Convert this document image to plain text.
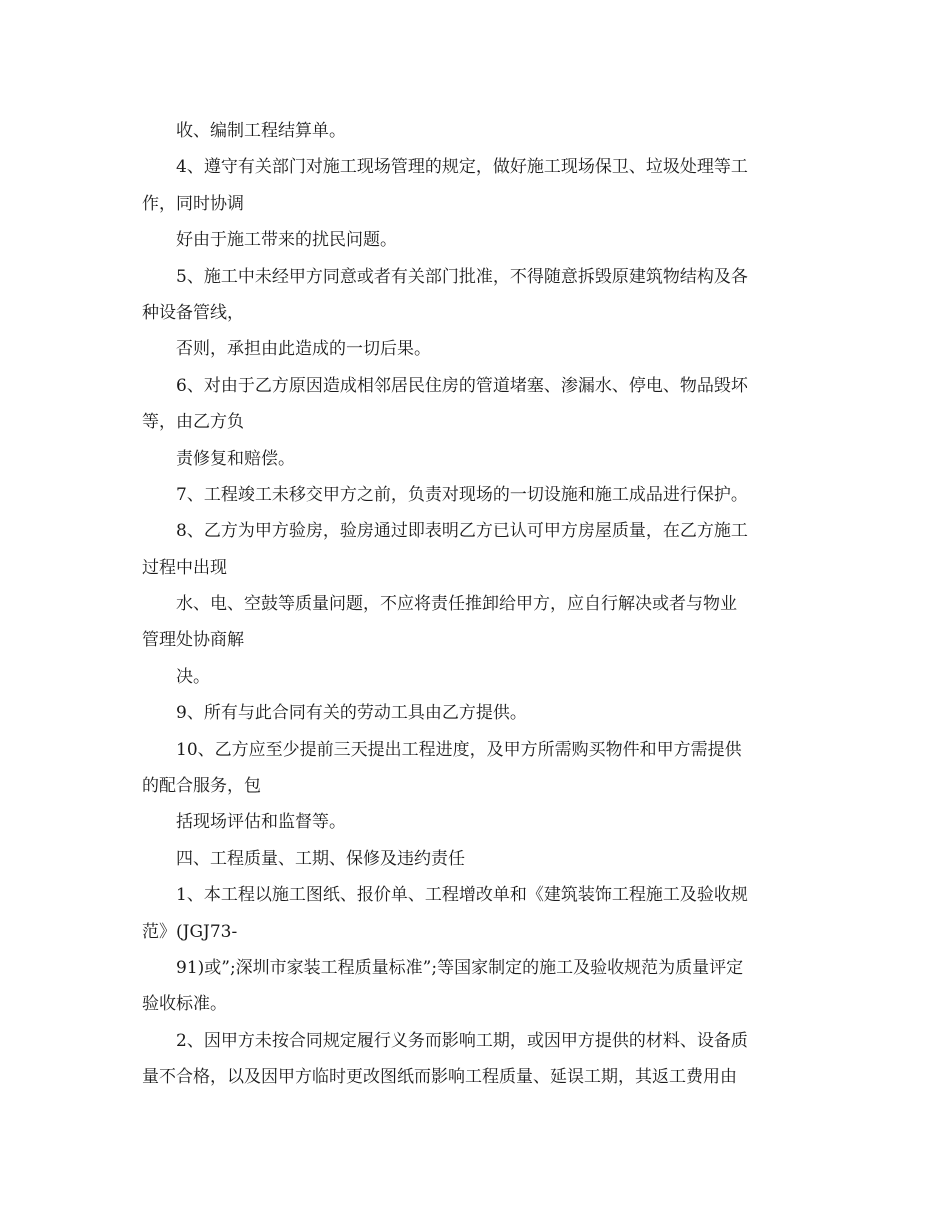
收、编制工程结算单。
4、遵守有关部门对施工现场管理的规定，做好施工现场保卫、垃圾处理等工
作，同时协调
好由于施工带来的扰民问题。
5、施工中未经甲方同意或者有关部门批准，不得随意拆毁原建筑物结构及各
种设备管线，
否则，承担由此造成的一切后果。
6、对由于乙方原因造成相邻居民住房的管道堵塞、渗漏水、停电、物品毁坏
等，由乙方负
责修复和赔偿。
7、工程竣工未移交甲方之前，负责对现场的一切设施和施工成品进行保护。
8、乙方为甲方验房，验房通过即表明乙方已认可甲方房屋质量，在乙方施工
过程中出现
水、电、空鼓等质量问题，不应将责任推卸给甲方，应自行解决或者与物业
管理处协商解
决。
9、所有与此合同有关的劳动工具由乙方提供。
10、乙方应至少提前三天提出工程进度，及甲方所需购买物件和甲方需提供
的配合服务，包
括现场评估和监督等。
四、工程质量、工期、保修及违约责任
1、本工程以施工图纸、报价单、工程增改单和《建筑装饰工程施工及验收规
范》(JGJ73-
91)或”;深圳市家装工程质量标准”;等国家制定的施工及验收规范为质量评定
验收标准。
2、因甲方未按合同规定履行义务而影响工期，或因甲方提供的材料、设备质
量不合格，以及因甲方临时更改图纸而影响工程质量、延误工期，其返工费用由
